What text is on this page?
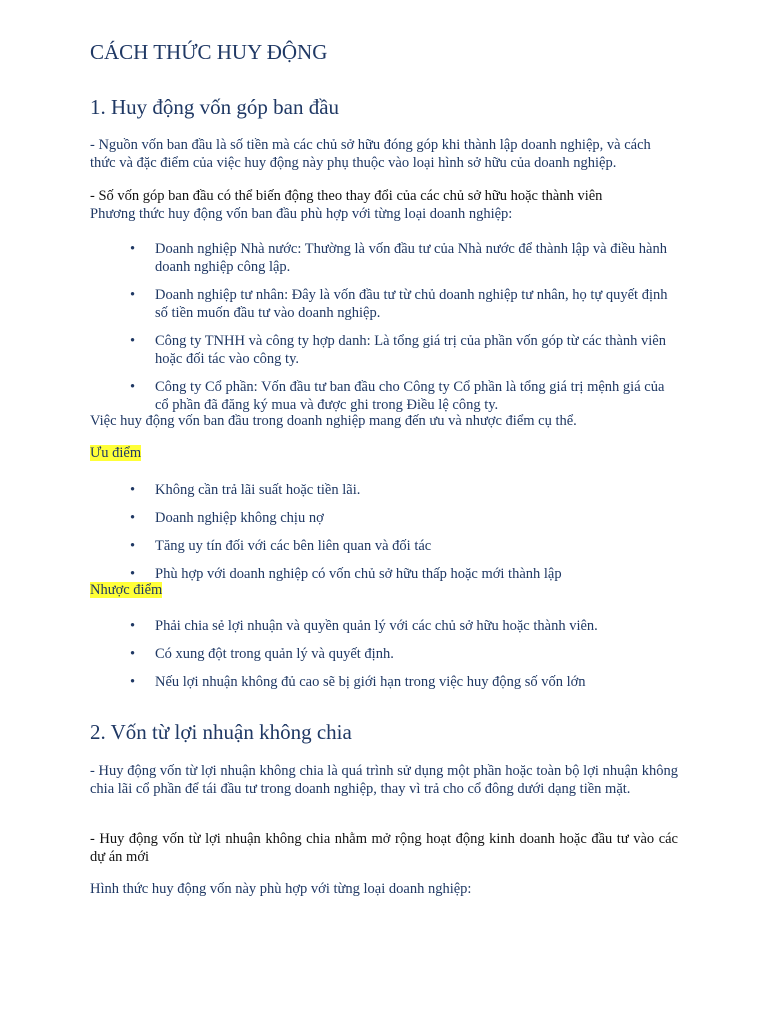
CÁCH THỨC HUY ĐỘNG
1. Huy động vốn góp ban đầu

- Nguồn vốn ban đầu là số tiền mà các chủ sở hữu đóng góp khi thành lập doanh nghiệp, và cách thức và đặc điểm của việc huy động này phụ thuộc vào loại hình sở hữu của doanh nghiệp.

- Số vốn góp ban đầu có thể biến động theo thay đổi của các chủ sở hữu hoặc thành viên

Phương thức huy động vốn ban đầu phù hợp với từng loại doanh nghiệp:

• Doanh nghiệp Nhà nước: Thường là vốn đầu tư của Nhà nước để thành lập và điều hành doanh nghiệp công lập.
• Doanh nghiệp tư nhân: Đây là vốn đầu tư từ chủ doanh nghiệp tư nhân, họ tự quyết định số tiền muốn đầu tư vào doanh nghiệp.
• Công ty TNHH và công ty hợp danh: Là tổng giá trị của phần vốn góp từ các thành viên hoặc đối tác vào công ty.
• Công ty Cổ phần: Vốn đầu tư ban đầu cho Công ty Cổ phần là tổng giá trị mệnh giá của cổ phần đã đăng ký mua và được ghi trong Điều lệ công ty.

Việc huy động vốn ban đầu trong doanh nghiệp mang đến ưu và nhược điểm cụ thể.

Ưu điểm

• Không cần trả lãi suất hoặc tiền lãi.
• Doanh nghiệp không chịu nợ
• Tăng uy tín đối với các bên liên quan và đối tác
• Phù hợp với doanh nghiệp có vốn chủ sở hữu thấp hoặc mới thành lập

Nhược điểm

• Phải chia sẻ lợi nhuận và quyền quản lý với các chủ sở hữu hoặc thành viên.
• Có xung đột trong quản lý và quyết định.
• Nếu lợi nhuận không đủ cao sẽ bị giới hạn trong việc huy động số vốn lớn
2. Vốn từ lợi nhuận không chia

- Huy động vốn từ lợi nhuận không chia là quá trình sử dụng một phần hoặc toàn bộ lợi nhuận không chia lãi cổ phần để tái đầu tư trong doanh nghiệp, thay vì trả cho cổ đông dưới dạng tiền mặt.

- Huy động vốn từ lợi nhuận không chia nhằm mở rộng hoạt động kinh doanh hoặc đầu tư vào các dự án mới

Hình thức huy động vốn này phù hợp với từng loại doanh nghiệp:
